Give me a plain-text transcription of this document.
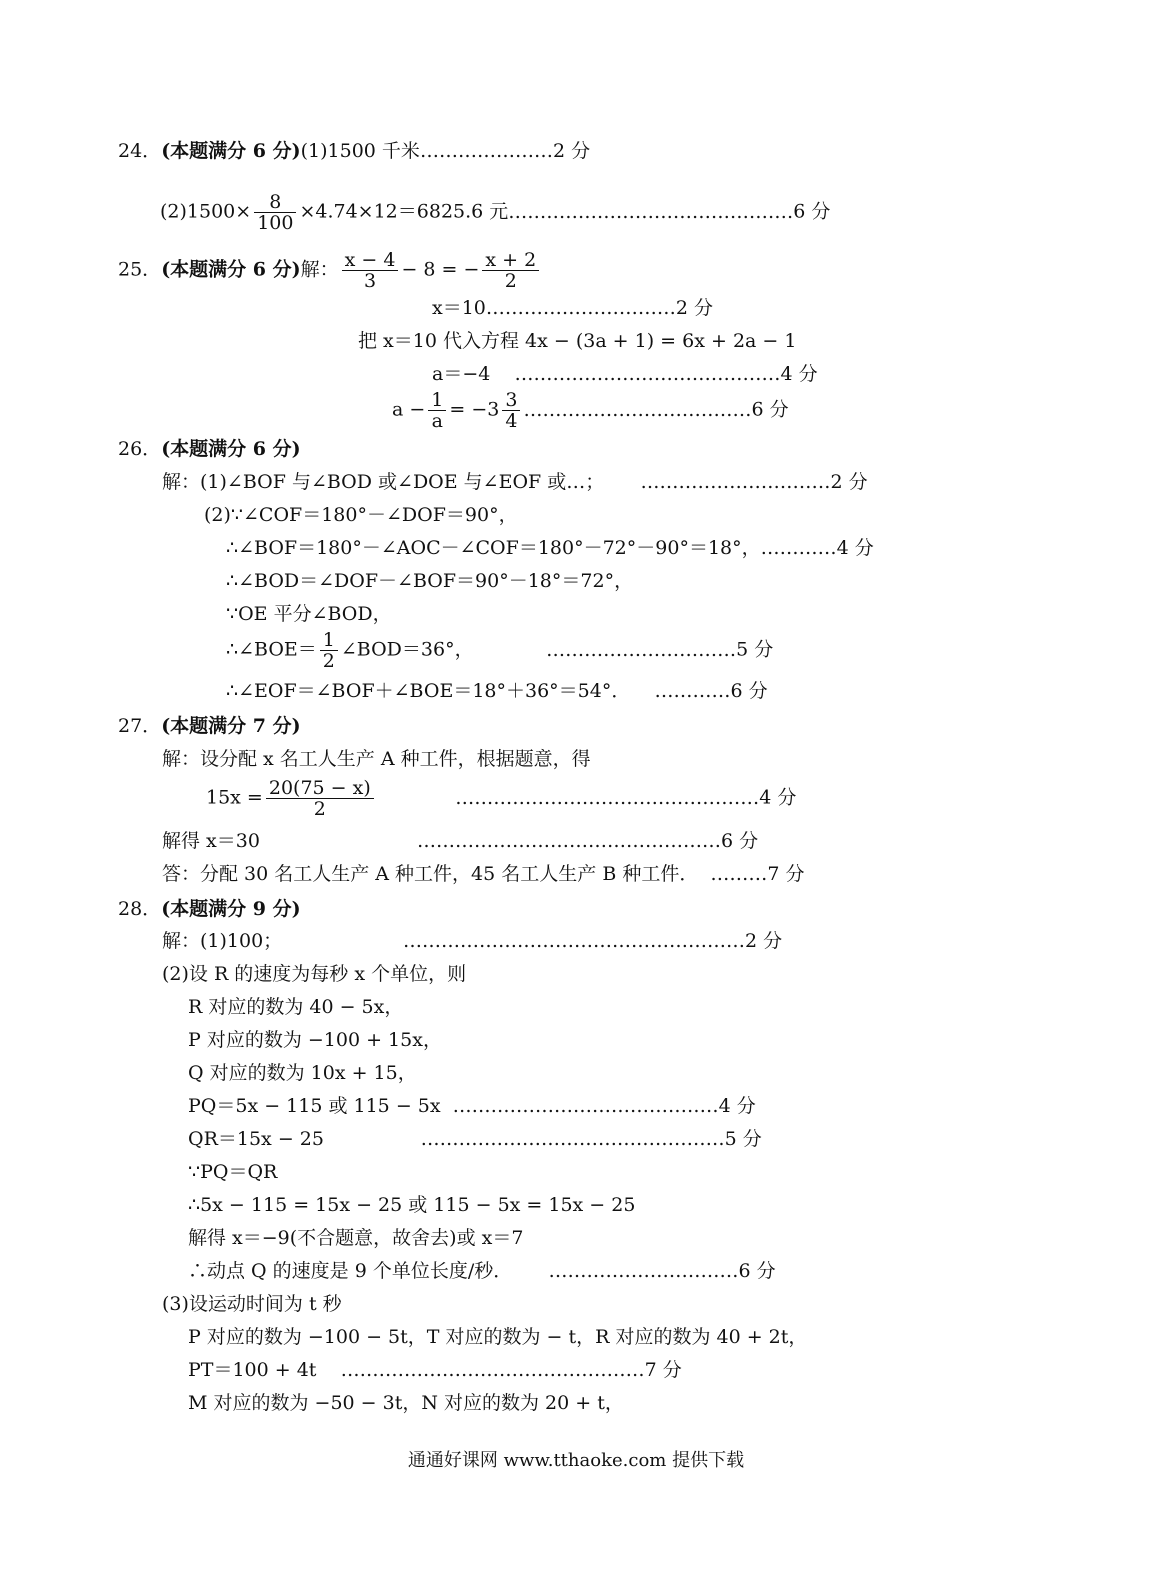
24．(本题满分 6 分)(1)1500 千米…………………2 分
$(2)1500\times \frac{8}{100} \times 4.74\times 12=6825.6$ 元………………………………………6 分
25．(本题满分 6 分)解： $\frac{x - 4}{3} - 8$ = − $\frac{x + 2}{2}$
x＝10…………………………2 分
把 x＝10 代入方程 4x − (3a + 1) = 6x + 2a − 1
a＝−4 ……………………………………4 分
$a - \frac{1}{a} = -3 \frac{3}{4}$ ………………………………6 分
26．(本题满分 6 分)
解：(1)∠BOF 与∠BOD 或∠DOE 与∠EOF 或…； …………………………2 分
(2)∵∠COF＝180°－∠DOF＝90°，
∴∠BOF＝180°－∠AOC－∠COF＝180°－72°－90°＝18°，…………4 分
∴∠BOD＝∠DOF－∠BOF＝90°－18°＝72°，
∵OE 平分∠BOD，
∴∠BOE＝ $\frac{1}{2}$ ∠BOD＝36°，	…………………………5 分
∴∠EOF＝∠BOF＋∠BOE＝18°＋36°＝54°． …………6 分
27．(本题满分 7 分)
解：设分配 x 名工人生产 A 种工件，根据题意，得
$15x = \frac{20(75 - x)}{2}$	…………………………………………4 分
解得 x＝30	…………………………………………6 分
答：分配 30 名工人生产 A 种工件，45 名工人生产 B 种工件． ………7 分
28．(本题满分 9 分)
解：(1)100；	………………………………………………2 分
(2)设 R 的速度为每秒 x 个单位，则
R 对应的数为 40 − 5x，
P 对应的数为 −100 + 15x，
Q 对应的数为 10x + 15，
PQ＝5x − 115 或 115 − 5x ……………………………………4 分
QR＝15x − 25	…………………………………………5 分
∵PQ＝QR
∴5x − 115 = 15x − 25 或 115 − 5x = 15x − 25
解得 x＝−9(不合题意，故舍去)或 x＝7
∴动点 Q 的速度是 9 个单位长度/秒． …………………………6 分
(3)设运动时间为 t 秒
P 对应的数为 −100 − 5t，T 对应的数为 − t，R 对应的数为 40 + 2t，
PT＝100 + 4t …………………………………………7 分
M 对应的数为 −50 − 3t，N 对应的数为 20 + t，
通通好课网 www.tthaoke.com 提供下载
